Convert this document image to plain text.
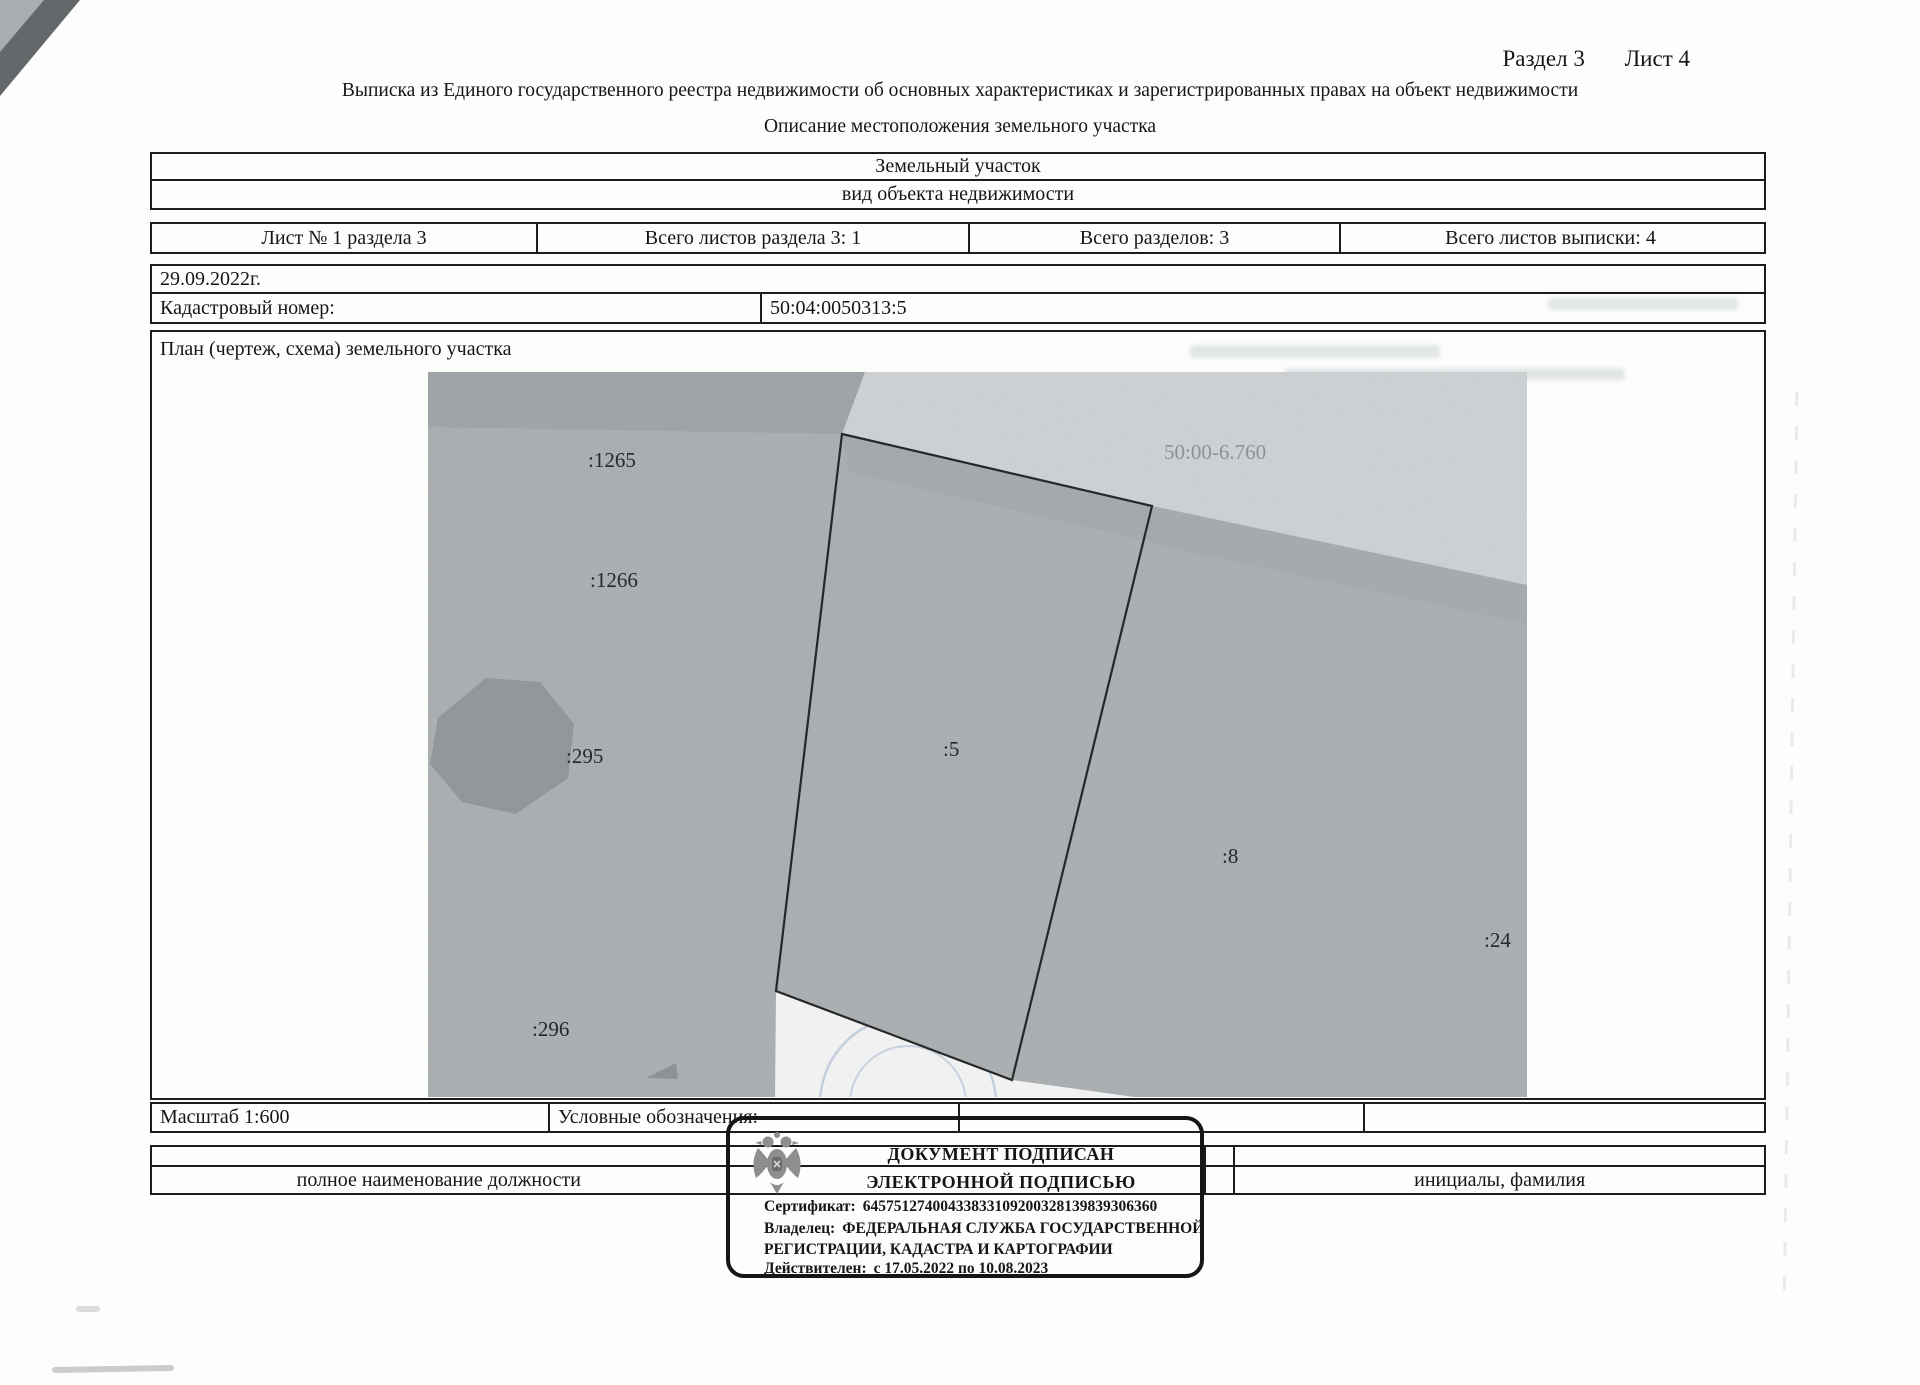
Раздел 3 Лист 4
Выписка из Единого государственного реестра недвижимости об основных характеристиках и зарегистрированных правах на объект недвижимости
Описание местоположения земельного участка
Земельный участок
вид объекта недвижимости
Лист № 1 раздела 3	Всего листов раздела 3: 1	Всего разделов: 3	Всего листов выписки: 4
29.09.2022г.
Кадастровый номер:	50:04:0050313:5
План (чертеж, схема) земельного участка
:1265	50:00-6.760
:1266
:295	:5
:296
:8
:24
Масштаб 1:600	Условные обозначения:
полное наименование должности	инициалы, фамилия
ДОКУМЕНТ ПОДПИСАН
ЭЛЕКТРОННОЙ ПОДПИСЬЮ
Сертификат: 64575127400433833109200328139839306360
Владелец: ФЕДЕРАЛЬНАЯ СЛУЖБА ГОСУДАРСТВЕННОЙ
РЕГИСТРАЦИИ, КАДАСТРА И КАРТОГРАФИИ
Действителен: с 17.05.2022 по 10.08.2023
